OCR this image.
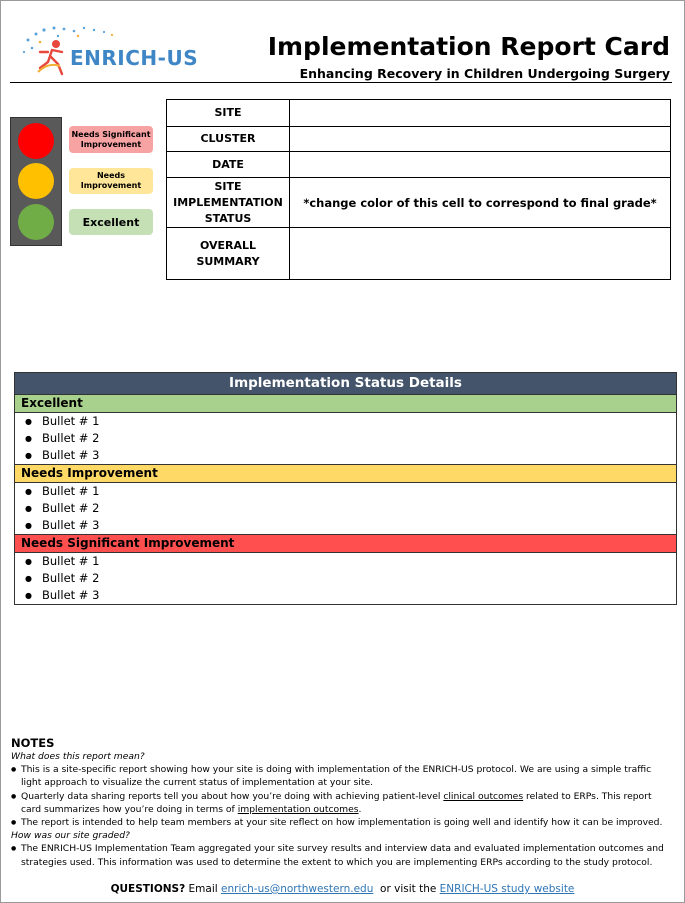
ENRICH-US	Implementation Report Card
Enhancing Recovery in Children Undergoing Surgery
Needs Significant Improvement
Needs Improvement
Excellent
SITE	
CLUSTER	
DATE	
SITE IMPLEMENTATION STATUS	*change color of this cell to correspond to final grade*
OVERALL SUMMARY	
Implementation Status Details
Excellent
● Bullet # 1
● Bullet # 2
● Bullet # 3
Needs Improvement
● Bullet # 1
● Bullet # 2
● Bullet # 3
Needs Significant Improvement
● Bullet # 1
● Bullet # 2
● Bullet # 3
NOTES
What does this report mean?
● This is a site-specific report showing how your site is doing with implementation of the ENRICH-US protocol. We are using a simple traffic light approach to visualize the current status of implementation at your site.
● Quarterly data sharing reports tell you about how you’re doing with achieving patient-level clinical outcomes related to ERPs. This report card summarizes how you’re doing in terms of implementation outcomes.
● The report is intended to help team members at your site reflect on how implementation is going well and identify how it can be improved.
How was our site graded?
● The ENRICH-US Implementation Team aggregated your site survey results and interview data and evaluated implementation outcomes and strategies used. This information was used to determine the extent to which you are implementing ERPs according to the study protocol.
QUESTIONS? Email enrich-us@northwestern.edu  or visit the ENRICH-US study website
